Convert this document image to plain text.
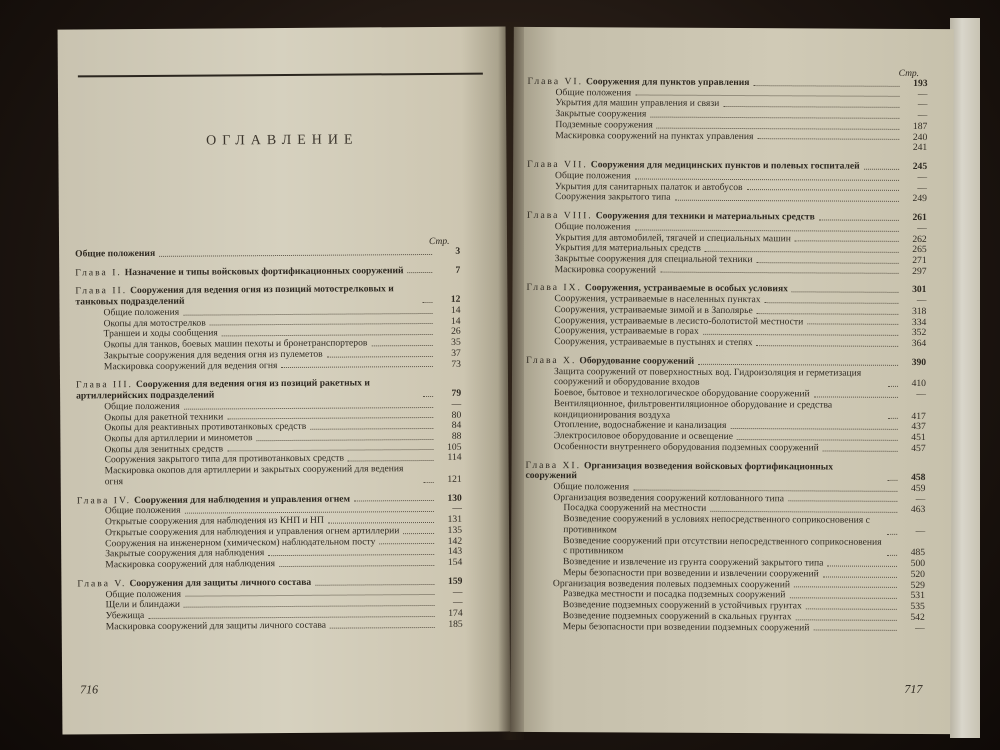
ОГЛАВЛЕНИЕ
Стр.
Общие положения	3
Глава I. Назначение и типы войсковых фортификационных сооружений	7
Глава II. Сооружения для ведения огня из позиций мотострелковых и танковых подразделений	12
Общие положения	14
Окопы для мотострелков	14
Траншеи и ходы сообщения	26
Окопы для танков, боевых машин пехоты и бронетранспортеров	35
Закрытые сооружения для ведения огня из пулеметов	37
Маскировка сооружений для ведения огня	73
Глава III. Сооружения для ведения огня из позиций ракетных и артиллерийских подразделений	79
Общие положения	—
Окопы для ракетной техники	80
Окопы для реактивных противотанковых средств	84
Окопы для артиллерии и минометов	88
Окопы для зенитных средств	105
Сооружения закрытого типа для противотанковых средств	114
Маскировка окопов для артиллерии и закрытых сооружений для ведения огня	121
Глава IV. Сооружения для наблюдения и управления огнем	130
Общие положения	—
Открытые сооружения для наблюдения из КНП и НП	131
Открытые сооружения для наблюдения и управления огнем артиллерии	135
Сооружения на инженерном (химическом) наблюдательном посту	142
Закрытые сооружения для наблюдения	143
Маскировка сооружений для наблюдения	154
Глава V. Сооружения для защиты личного состава	159
Общие положения	—
Щели и блиндажи	—
Убежища	174
Маскировка сооружений для защиты личного состава	185
716
Стр.
Глава VI. Сооружения для пунктов управления	193
Общие положения	—
Укрытия для машин управления и связи	—
Закрытые сооружения	—
Подземные сооружения	187
Маскировка сооружений на пунктах управления	240
241
Глава VII. Сооружения для медицинских пунктов и полевых госпиталей	245
Общие положения	—
Укрытия для санитарных палаток и автобусов	—
Сооружения закрытого типа	249
Глава VIII. Сооружения для техники и материальных средств	261
Общие положения	—
Укрытия для автомобилей, тягачей и специальных машин	262
Укрытия для материальных средств	265
Закрытые сооружения для специальной техники	271
Маскировка сооружений	297
Глава IX. Сооружения, устраиваемые в особых условиях	301
Сооружения, устраиваемые в населенных пунктах	—
Сооружения, устраиваемые зимой и в Заполярье	318
Сооружения, устраиваемые в лесисто-болотистой местности	334
Сооружения, устраиваемые в горах	352
Сооружения, устраиваемые в пустынях и степях	364
Глава X. Оборудование сооружений	390
Защита сооружений от поверхностных вод. Гидроизоляция и герметизация сооружений и оборудование входов	410
Боевое, бытовое и технологическое оборудование сооружений	—
Вентиляционное, фильтровентиляционное оборудование и средства кондиционирования воздуха	417
Отопление, водоснабжение и канализация	437
Электросиловое оборудование и освещение	451
Особенности внутреннего оборудования подземных сооружений	457
Глава XI. Организация возведения войсковых фортификационных сооружений	458
Общие положения	459
Организация возведения сооружений котлованного типа	—
Посадка сооружений на местности	463
Возведение сооружений в условиях непосредственного соприкосновения с противником	—
Возведение сооружений при отсутствии непосредственного соприкосновения с противником	485
Возведение и извлечение из грунта сооружений закрытого типа	500
Меры безопасности при возведении и извлечении сооружений	520
Организация возведения полевых подземных сооружений	529
Разведка местности и посадка подземных сооружений	531
Возведение подземных сооружений в устойчивых грунтах	535
Возведение подземных сооружений в скальных грунтах	542
Меры безопасности при возведении подземных сооружений	—
717
